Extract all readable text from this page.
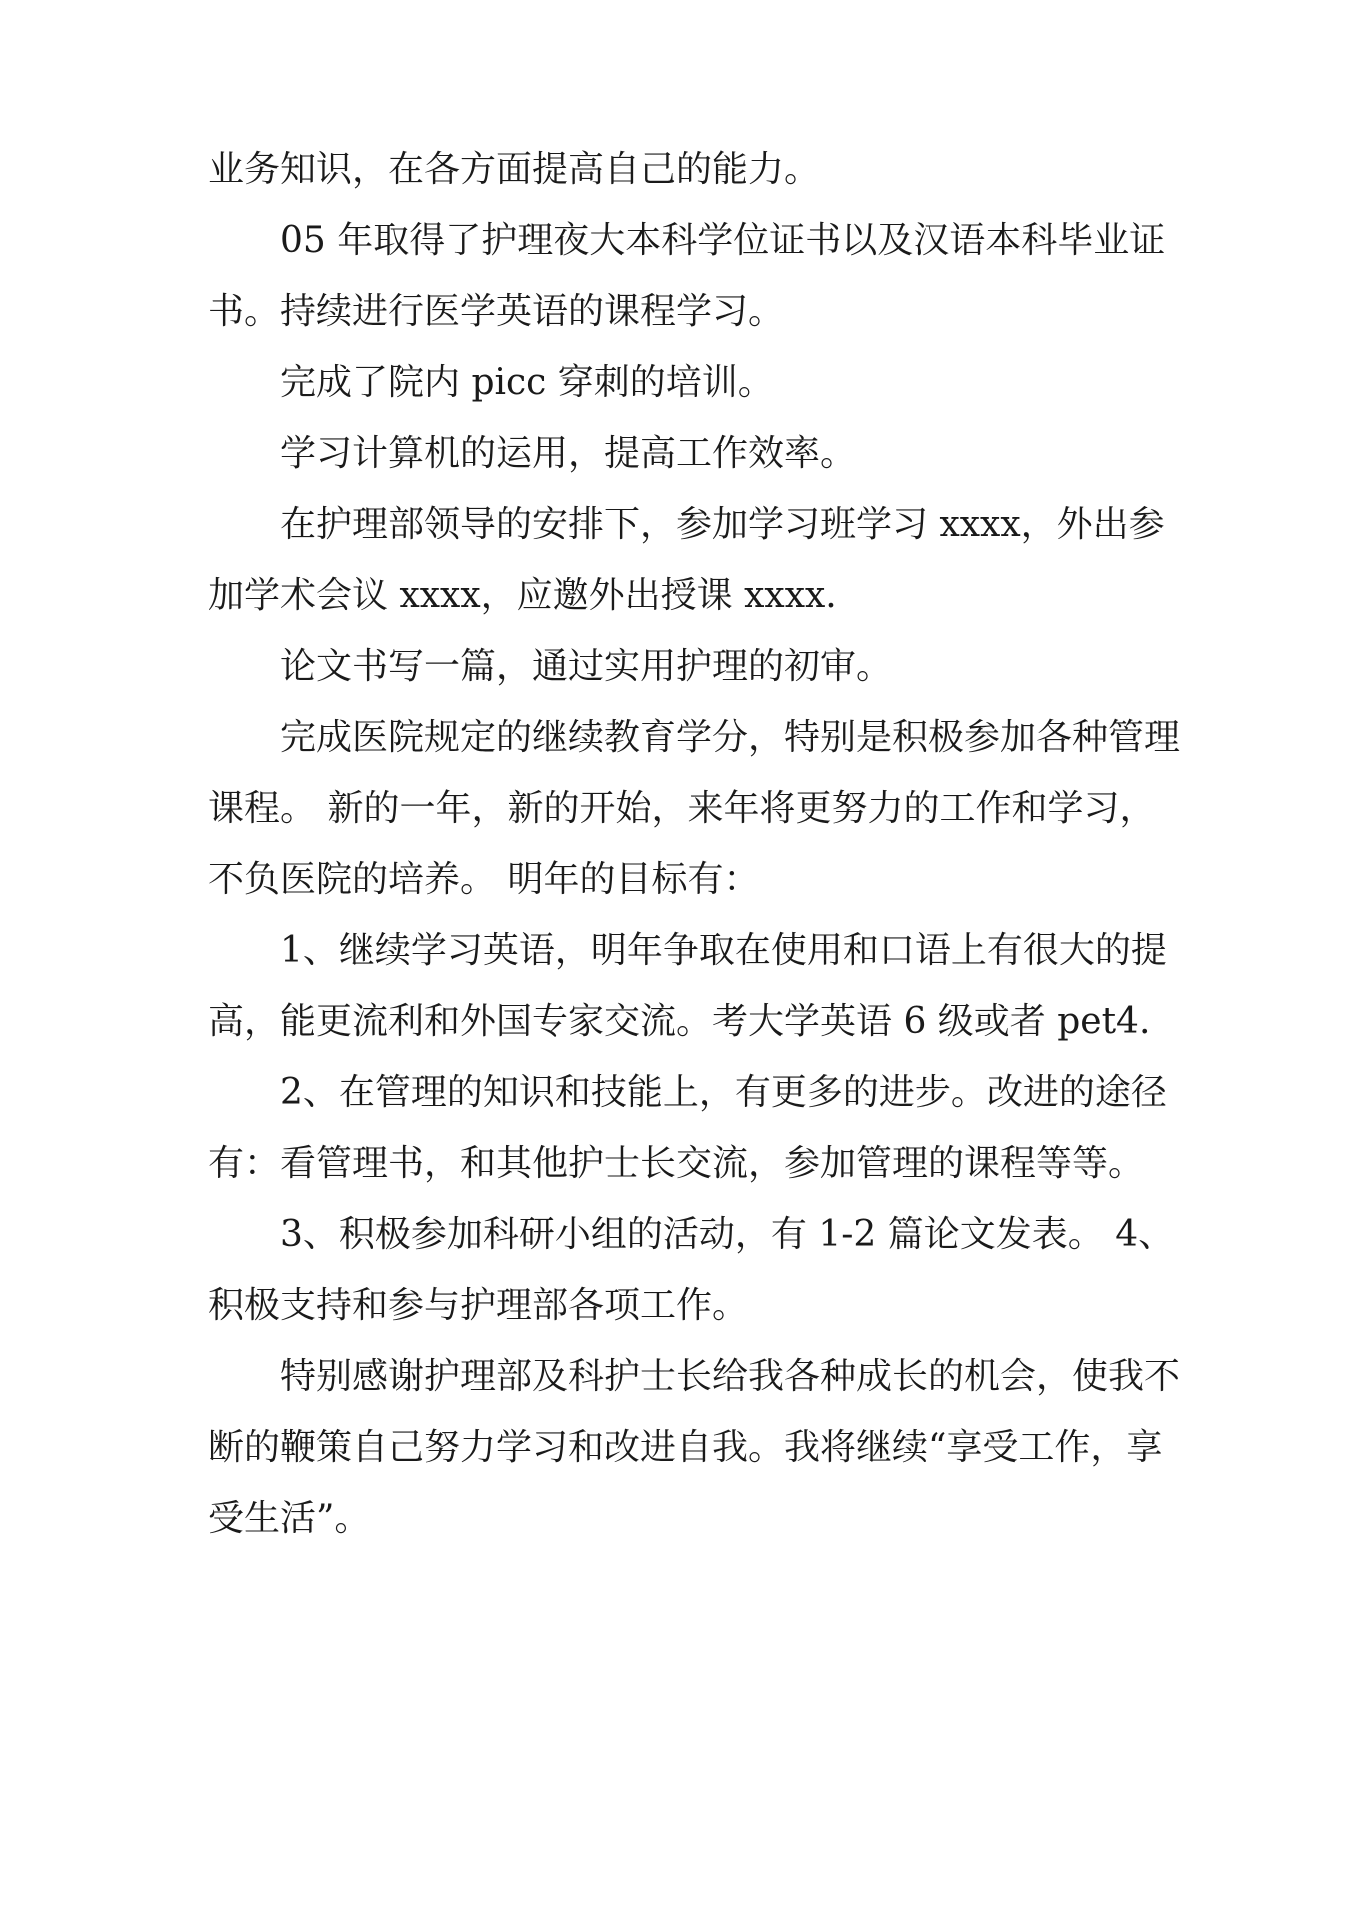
业务知识，在各方面提高自己的能力。

05 年取得了护理夜大本科学位证书以及汉语本科毕业证书。持续进行医学英语的课程学习。

完成了院内 picc 穿刺的培训。

学习计算机的运用，提高工作效率。

在护理部领导的安排下，参加学习班学习 xxxx，外出参加学术会议 xxxx，应邀外出授课 xxxx.

论文书写一篇，通过实用护理的初审。

完成医院规定的继续教育学分，特别是积极参加各种管理课程。 新的一年，新的开始，来年将更努力的工作和学习，不负医院的培养。 明年的目标有：

1、继续学习英语，明年争取在使用和口语上有很大的提高，能更流利和外国专家交流。考大学英语 6 级或者 pet4.

2、在管理的知识和技能上，有更多的进步。改进的途径有：看管理书，和其他护士长交流，参加管理的课程等等。

3、积极参加科研小组的活动，有 1-2 篇论文发表。 4、积极支持和参与护理部各项工作。

特别感谢护理部及科护士长给我各种成长的机会，使我不断的鞭策自己努力学习和改进自我。我将继续“享受工作，享受生活”。
